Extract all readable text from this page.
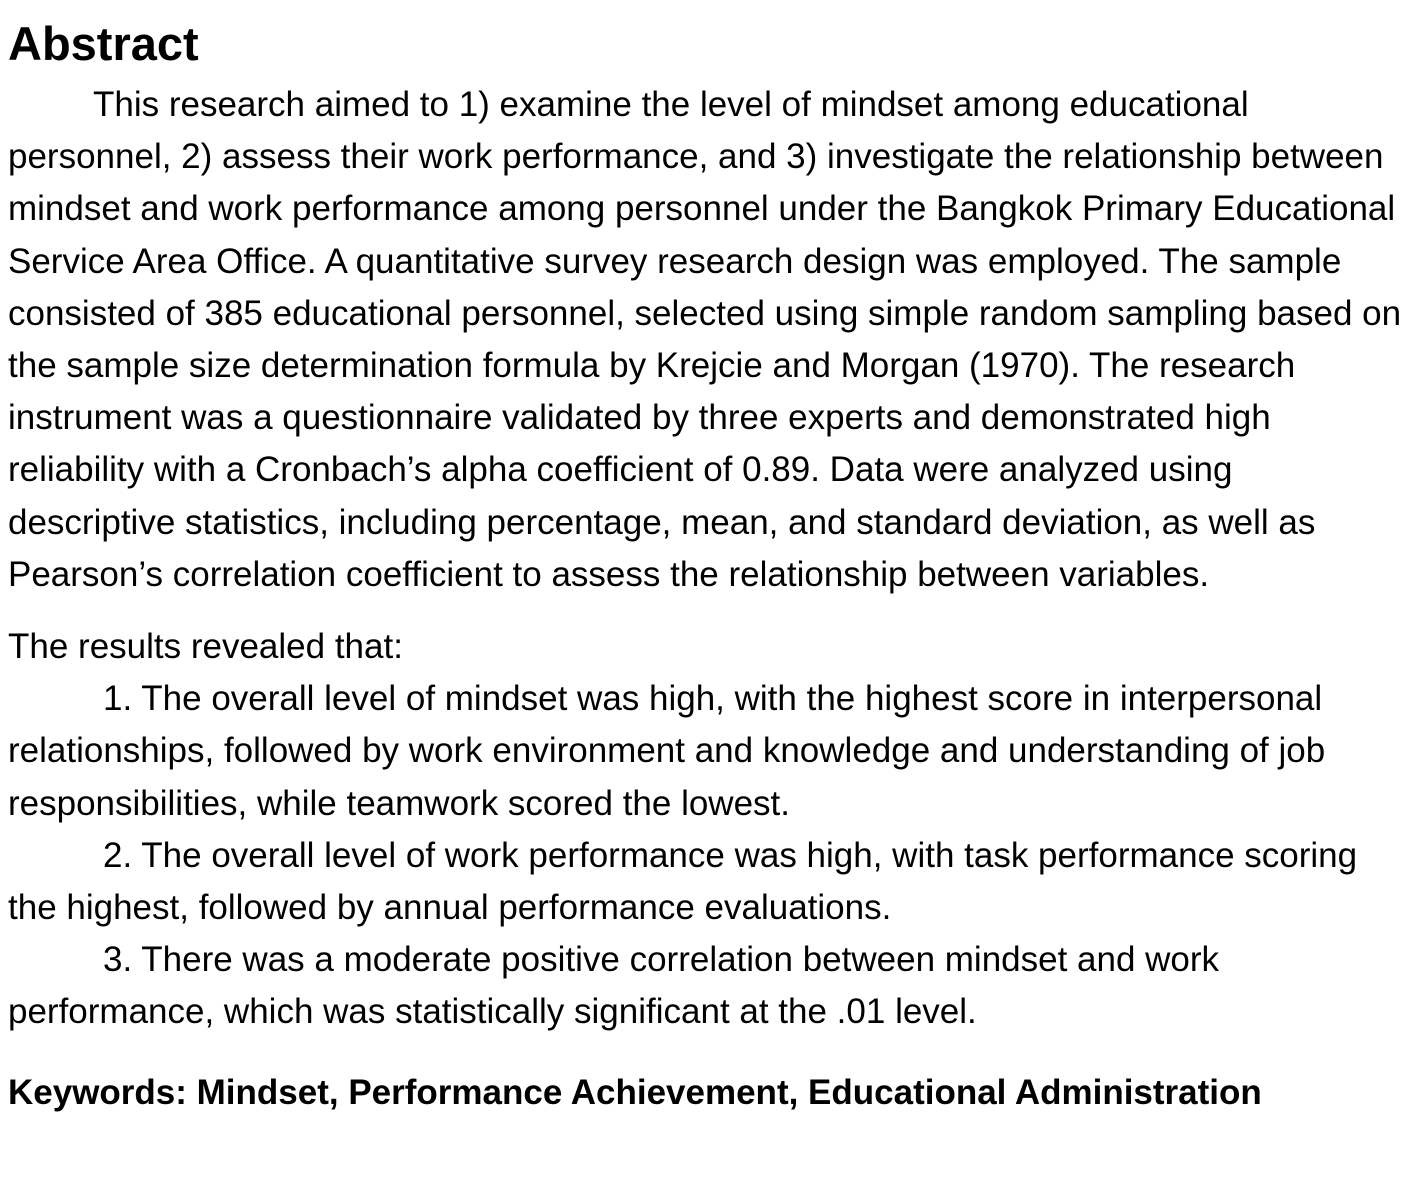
Abstract

This research aimed to 1) examine the level of mindset among educational personnel, 2) assess their work performance, and 3) investigate the relationship between mindset and work performance among personnel under the Bangkok Primary Educational Service Area Office. A quantitative survey research design was employed. The sample consisted of 385 educational personnel, selected using simple random sampling based on the sample size determination formula by Krejcie and Morgan (1970). The research instrument was a questionnaire validated by three experts and demonstrated high reliability with a Cronbach’s alpha coefficient of 0.89. Data were analyzed using descriptive statistics, including percentage, mean, and standard deviation, as well as Pearson’s correlation coefficient to assess the relationship between variables.

The results revealed that:

1. The overall level of mindset was high, with the highest score in interpersonal relationships, followed by work environment and knowledge and understanding of job responsibilities, while teamwork scored the lowest.

2. The overall level of work performance was high, with task performance scoring the highest, followed by annual performance evaluations.

3. There was a moderate positive correlation between mindset and work performance, which was statistically significant at the .01 level.

Keywords: Mindset, Performance Achievement, Educational Administration
